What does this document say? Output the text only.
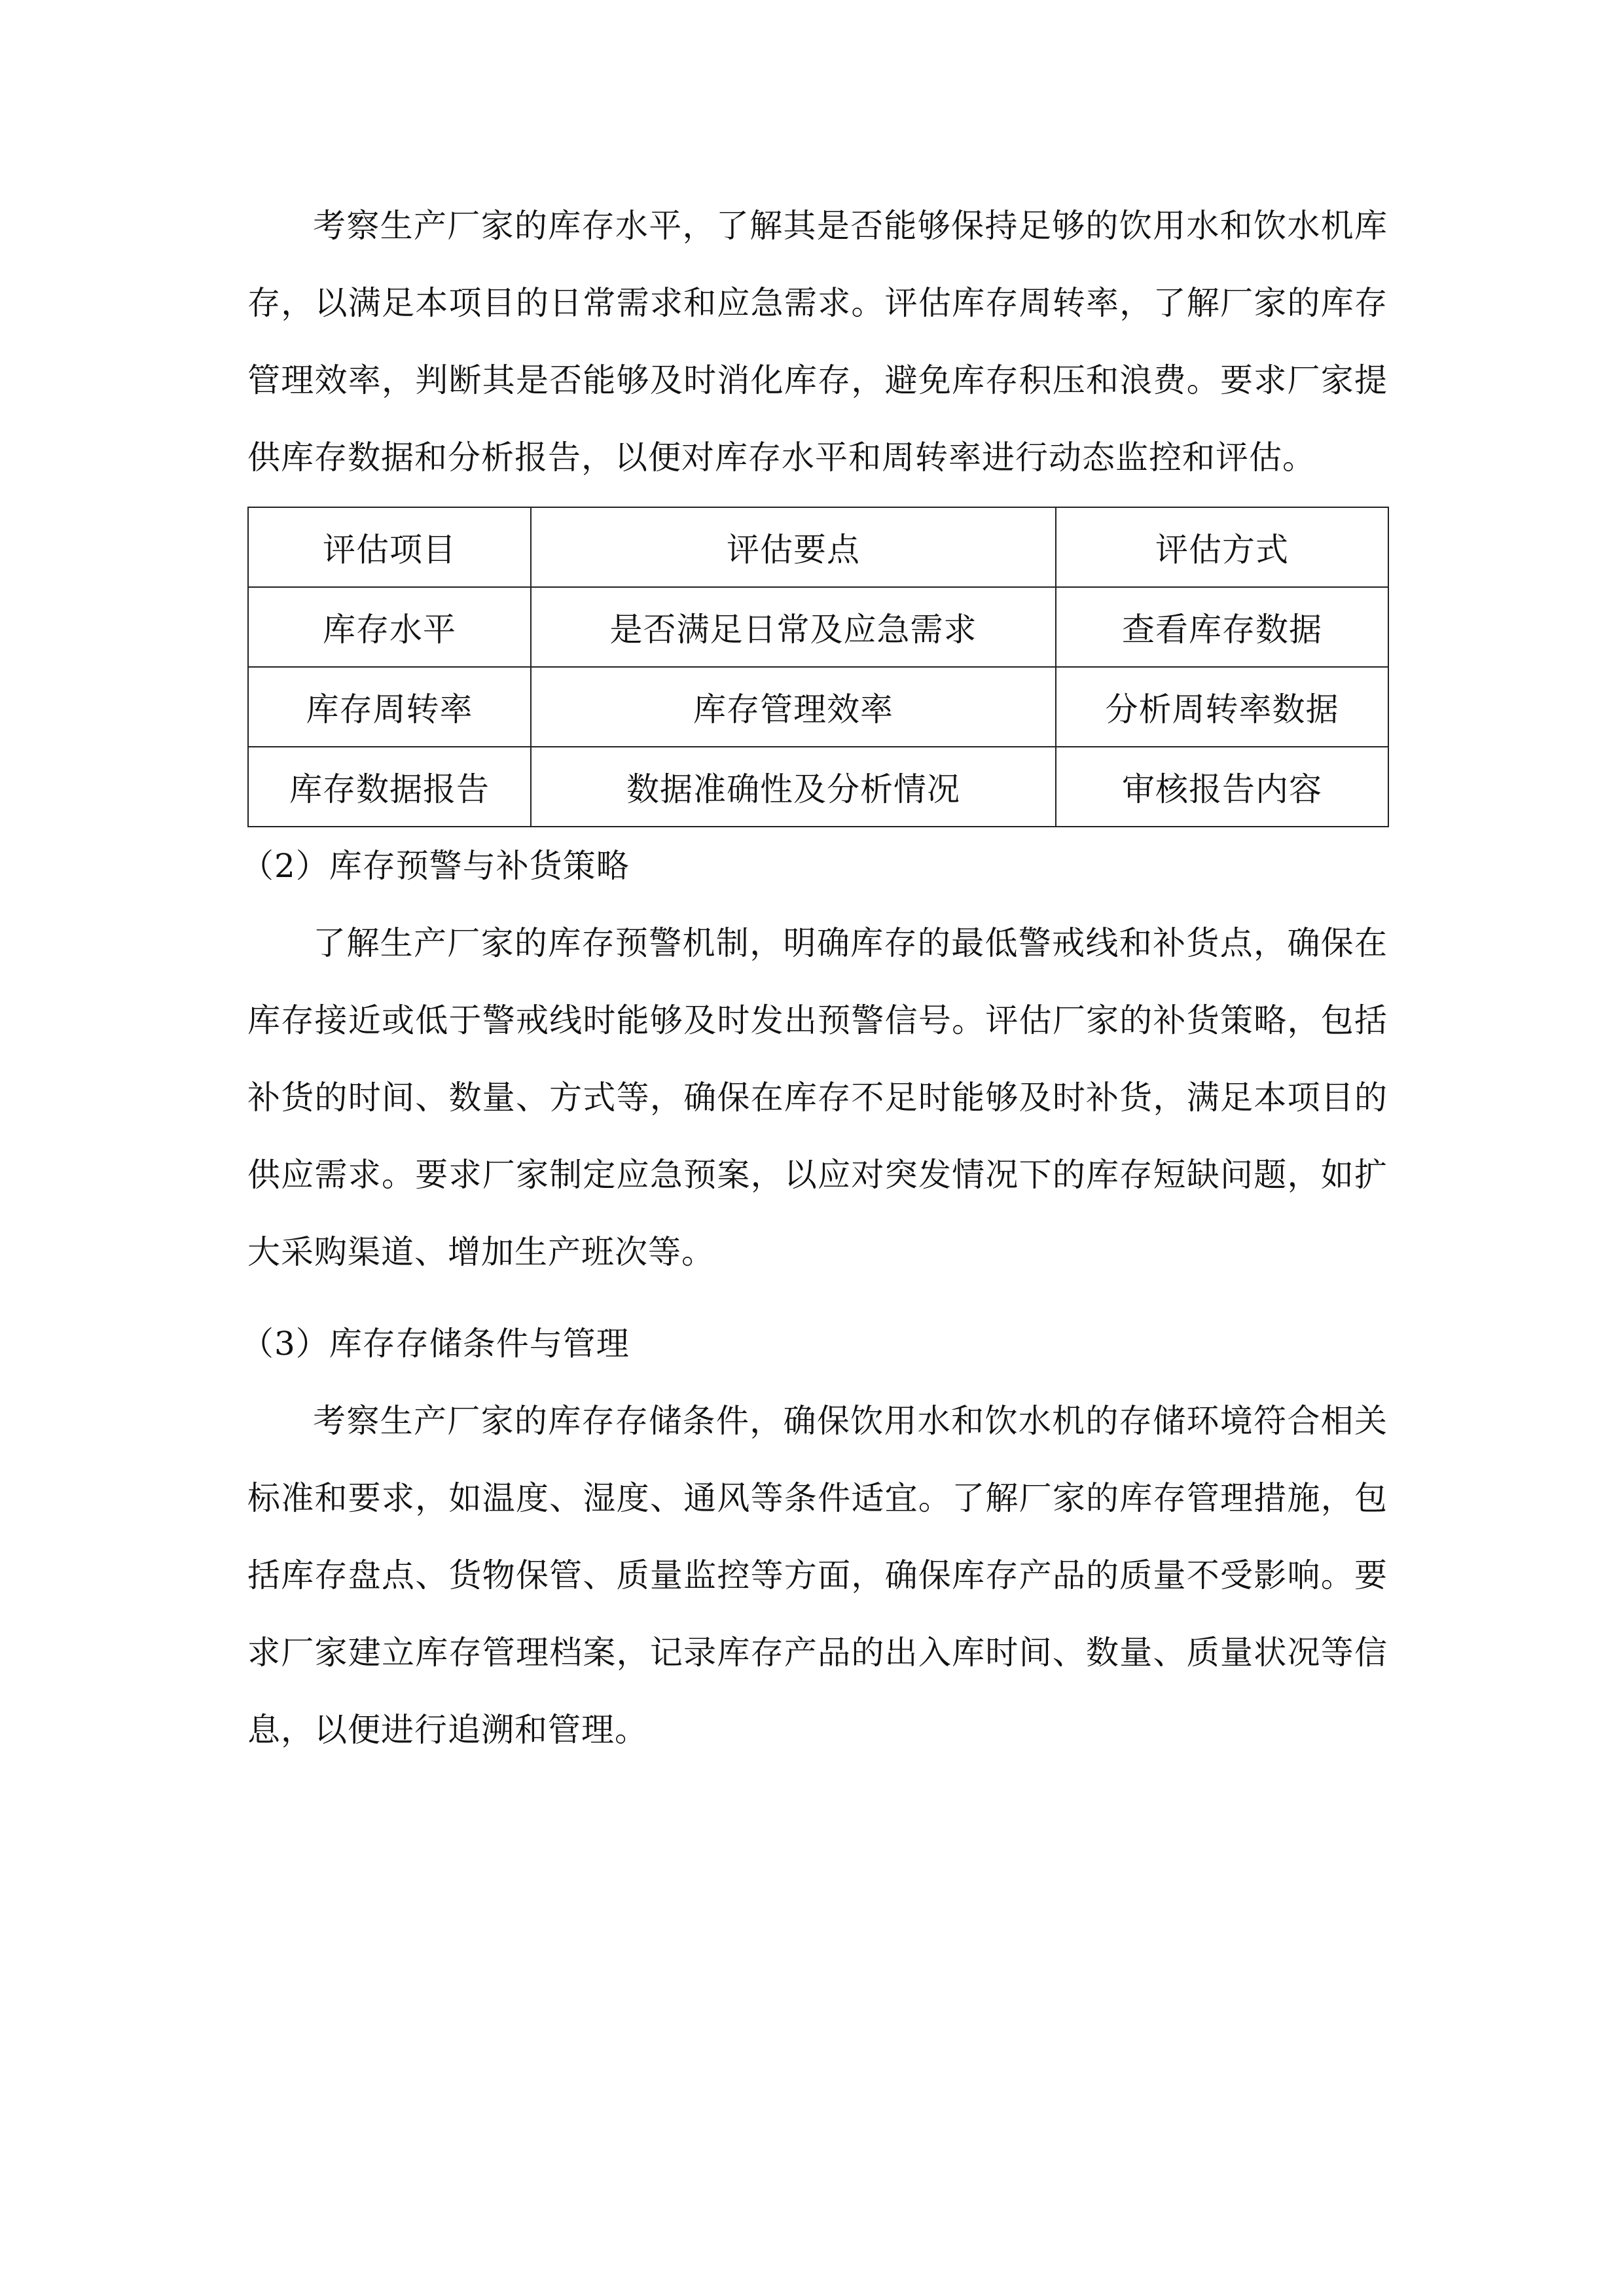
考察生产厂家的库存水平，了解其是否能够保持足够的饮用水和饮水机库存，以满足本项目的日常需求和应急需求。评估库存周转率，了解厂家的库存管理效率，判断其是否能够及时消化库存，避免库存积压和浪费。要求厂家提供库存数据和分析报告，以便对库存水平和周转率进行动态监控和评估。

评估项目	评估要点	评估方式
库存水平	是否满足日常及应急需求	查看库存数据
库存周转率	库存管理效率	分析周转率数据
库存数据报告	数据准确性及分析情况	审核报告内容

（2）库存预警与补货策略

了解生产厂家的库存预警机制，明确库存的最低警戒线和补货点，确保在库存接近或低于警戒线时能够及时发出预警信号。评估厂家的补货策略，包括补货的时间、数量、方式等，确保在库存不足时能够及时补货，满足本项目的供应需求。要求厂家制定应急预案，以应对突发情况下的库存短缺问题，如扩大采购渠道、增加生产班次等。

（3）库存存储条件与管理

考察生产厂家的库存存储条件，确保饮用水和饮水机的存储环境符合相关标准和要求，如温度、湿度、通风等条件适宜。了解厂家的库存管理措施，包括库存盘点、货物保管、质量监控等方面，确保库存产品的质量不受影响。要求厂家建立库存管理档案，记录库存产品的出入库时间、数量、质量状况等信息，以便进行追溯和管理。
